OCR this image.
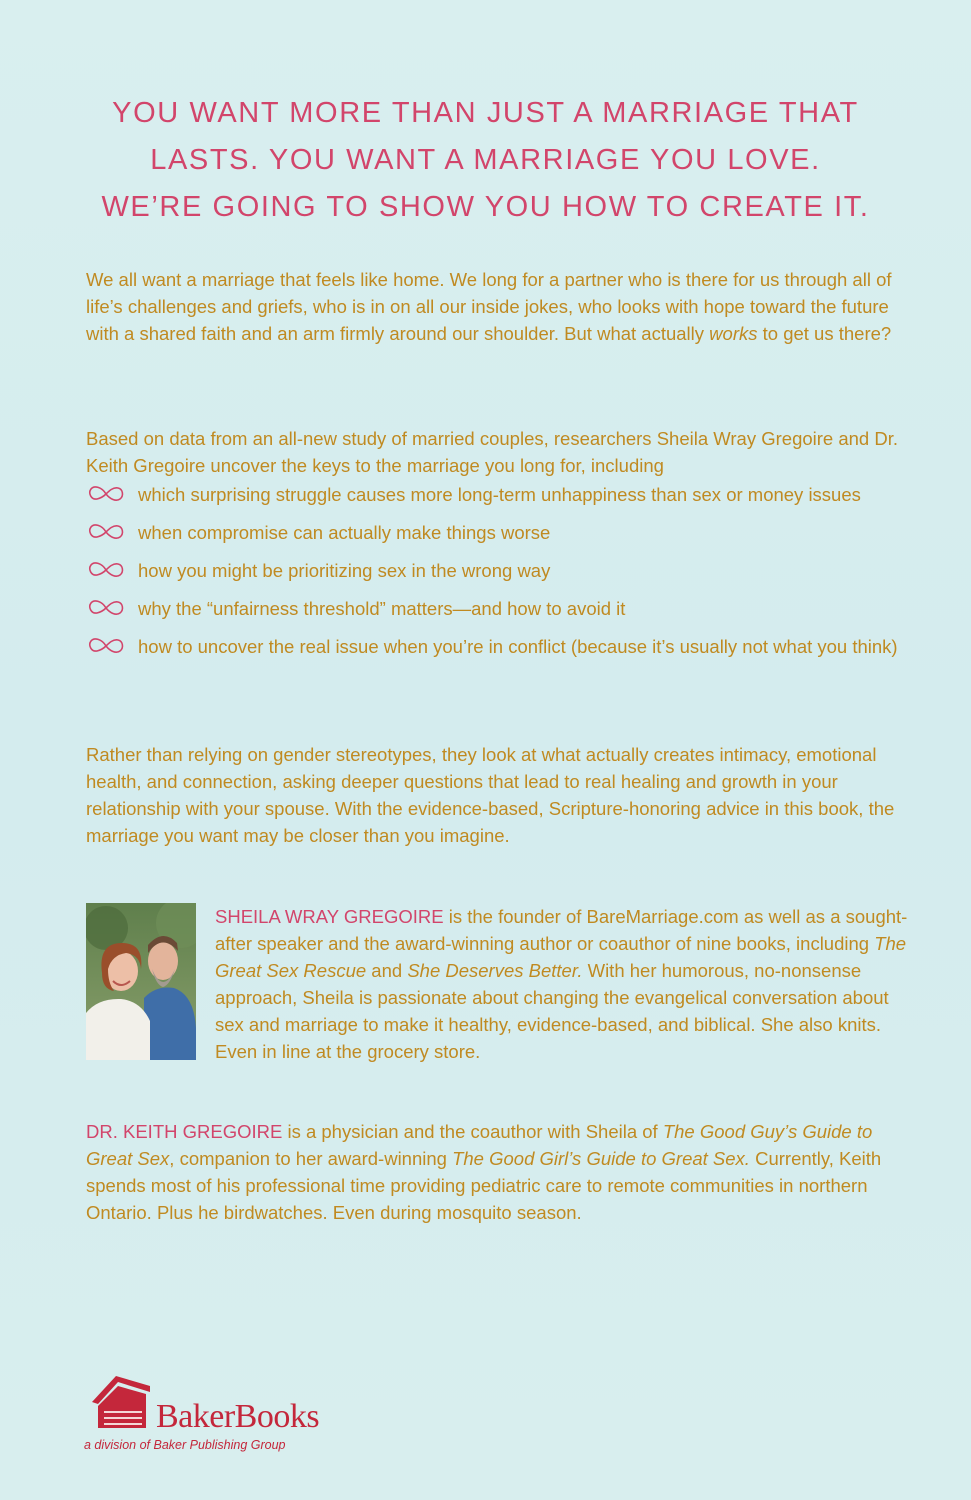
YOU WANT MORE THAN JUST A MARRIAGE THAT
LASTS. YOU WANT A MARRIAGE YOU LOVE.
WE’RE GOING TO SHOW YOU HOW TO CREATE IT.
We all want a marriage that feels like home. We long for a partner who is there for us through all of life’s challenges and griefs, who is in on all our inside jokes, who looks with hope toward the future with a shared faith and an arm firmly around our shoulder. But what actually works to get us there?
Based on data from an all-new study of married couples, researchers Sheila Wray Gregoire and Dr. Keith Gregoire uncover the keys to the marriage you long for, including
which surprising struggle causes more long-term unhappiness than sex or money issues
when compromise can actually make things worse
how you might be prioritizing sex in the wrong way
why the “unfairness threshold” matters—and how to avoid it
how to uncover the real issue when you’re in conflict (because it’s usually not what you think)
Rather than relying on gender stereotypes, they look at what actually creates intimacy, emotional health, and connection, asking deeper questions that lead to real healing and growth in your relationship with your spouse. With the evidence-based, Scripture-honoring advice in this book, the marriage you want may be closer than you imagine.
SHEILA WRAY GREGOIRE is the founder of BareMarriage.com as well as a sought-after speaker and the award-winning author or coauthor of nine books, including The Great Sex Rescue and She Deserves Better. With her humorous, no-nonsense approach, Sheila is passionate about changing the evangelical conversation about sex and marriage to make it healthy, evidence-based, and biblical. She also knits. Even in line at the grocery store.
DR. KEITH GREGOIRE is a physician and the coauthor with Sheila of The Good Guy’s Guide to Great Sex, companion to her award-winning The Good Girl’s Guide to Great Sex. Currently, Keith spends most of his professional time providing pediatric care to remote communities in northern Ontario. Plus he birdwatches. Even during mosquito season.
BakerBooks
a division of Baker Publishing Group
